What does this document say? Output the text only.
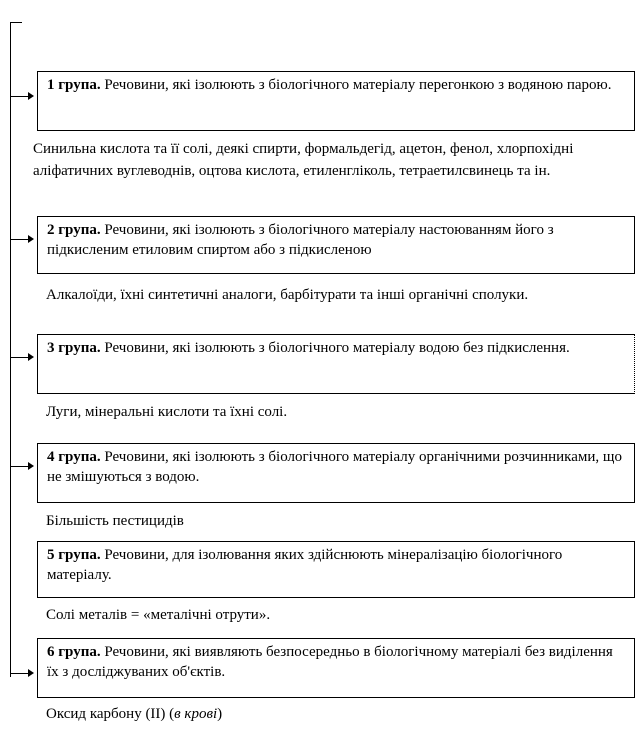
1 група. Речовини, які ізолюють з біологічного матеріалу перегонкою з водяною парою.
Синильна кислота та її солі, деякі спирти, формальдегід, ацетон, фенол, хлорпохідні аліфатичних вуглеводнів, оцтова кислота, етиленгліколь, тетраетилсвинець та ін.
2 група. Речовини, які ізолюють з біологічного матеріалу настоюванням його з підкисленим етиловим спиртом або з підкисленою
Алкалоїди, їхні синтетичні аналоги, барбітурати та інші органічні сполуки.
3 група. Речовини, які ізолюють з біологічного матеріалу водою без підкислення.
Луги, мінеральні кислоти та їхні солі.
4 група. Речовини, які ізолюють з біологічного матеріалу органічними розчинниками, що не змішуються з водою.
Більшість пестицидів
5 група. Речовини, для ізолювання яких здійснюють мінералізацію біологічного матеріалу.
Солі металів = «металічні отрути».
6 група. Речовини, які виявляють безпосередньо в біологічному матеріалі без виділення їх з досліджуваних об'єктів.
Оксид карбону (II) (в крові)
